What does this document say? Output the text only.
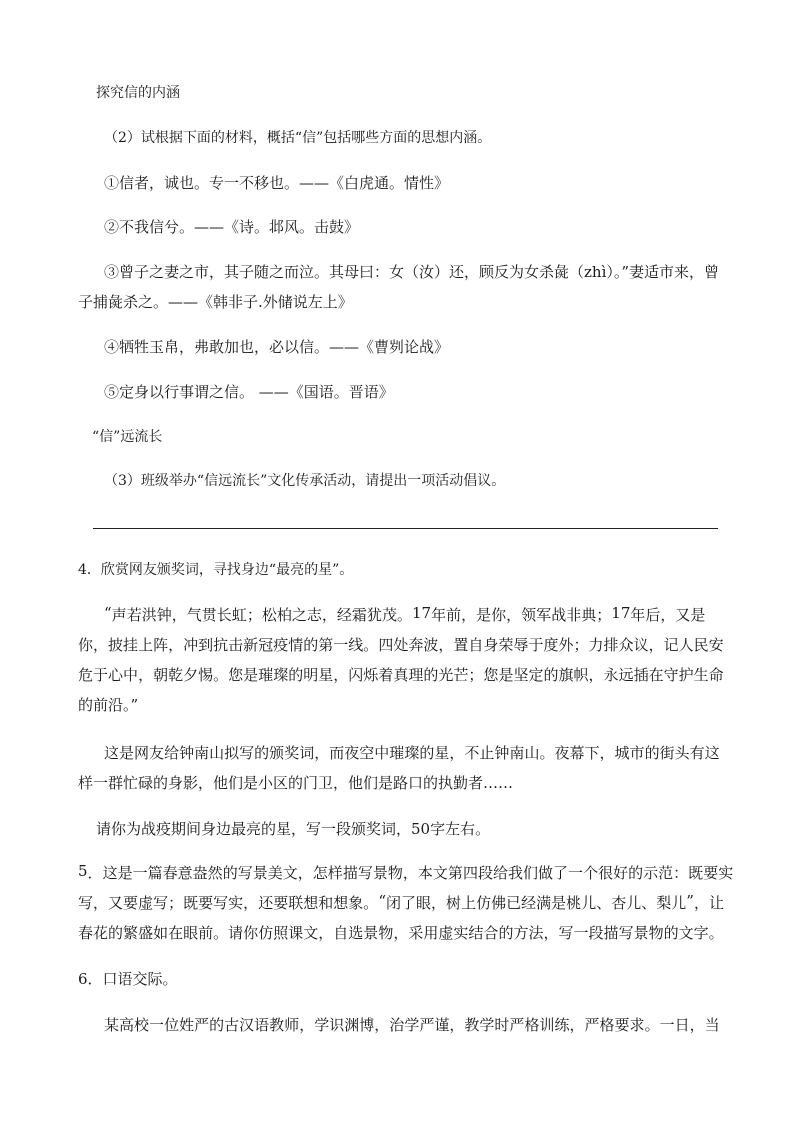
探究信的内涵
（2）试根据下面的材料，概括“信”包括哪些方面的思想内涵。
①信者，诚也。专一不移也。——《白虎通。情性》
②不我信兮。——《诗。邶风。击鼓》
③曾子之妻之市，其子随之而泣。其母曰：女（汝）还，顾反为女杀彘（zhì）。”妻适市来，曾
子捕彘杀之。——《韩非子.外储说左上》
④牺牲玉帛，弗敢加也，必以信。——《曹刿论战》
⑤定身以行事谓之信。 ——《国语。晋语》
“信”远流长
（3）班级举办“信远流长”文化传承活动，请提出一项活动倡议。
4．欣赏网友颁奖词，寻找身边“最亮的星”。
“ 声 若 洪 钟 ， 气 贯 长 虹 ； 松 柏 之 志 ， 经 霜 犹 茂 。 1 7 年 前 ， 是 你 ， 领 军 战 非 典 ； 1 7 年 后 ， 又 是
你 ， 披 挂 上 阵 ， 冲 到 抗 击 新 冠 疫 情 的 第 一 线 。 四 处 奔 波 ， 置 自 身 荣 辱 于 度 外 ； 力 排 众 议 ， 记 人 民 安
危 于 心 中 ， 朝 乾 夕 惕 。 您 是 璀 璨 的 明 星 ， 闪 烁 着 真 理 的 光 芒 ； 您 是 坚 定 的 旗 帜 ， 永 远 插 在 守 护 生 命
的前沿。”
这 是 网 友 给 钟 南 山 拟 写 的 颁 奖 词 ， 而 夜 空 中 璀 璨 的 星 ， 不 止 钟 南 山 。 夜 幕 下 ， 城 市 的 街 头 有 这
样一群忙碌的身影，他们是小区的门卫，他们是路口的执勤者……
请你为战疫期间身边最亮的星，写一段颁奖词，50字左右。
5 ． 这 是 一 篇 春 意 盎 然 的 写 景 美 文 ， 怎 样 描 写 景 物 ， 本 文 第 四 段 给 我 们 做 了 一 个 很 好 的 示 范 ： 既 要 实
写 ， 又 要 虚 写 ； 既 要 写 实 ， 还 要 联 想 和 想 象 。 “ 闭 了 眼 ， 树 上 仿 佛 已 经 满 是 桃 儿 、 杏 儿 、 梨 儿 ” ， 让
春 花 的 繁 盛 如 在 眼 前 。 请 你 仿 照 课 文 ， 自 选 景 物 ， 采 用 虚 实 结 合 的 方 法 ， 写 一 段 描 写 景 物 的 文 字 。
6．口语交际。
某 高 校 一 位 姓 严 的 古 汉 语 教 师 ， 学 识 渊 博 ， 治 学 严 谨 ， 教 学 时 严 格 训 练 ， 严 格 要 求 。 一 日 ， 当
